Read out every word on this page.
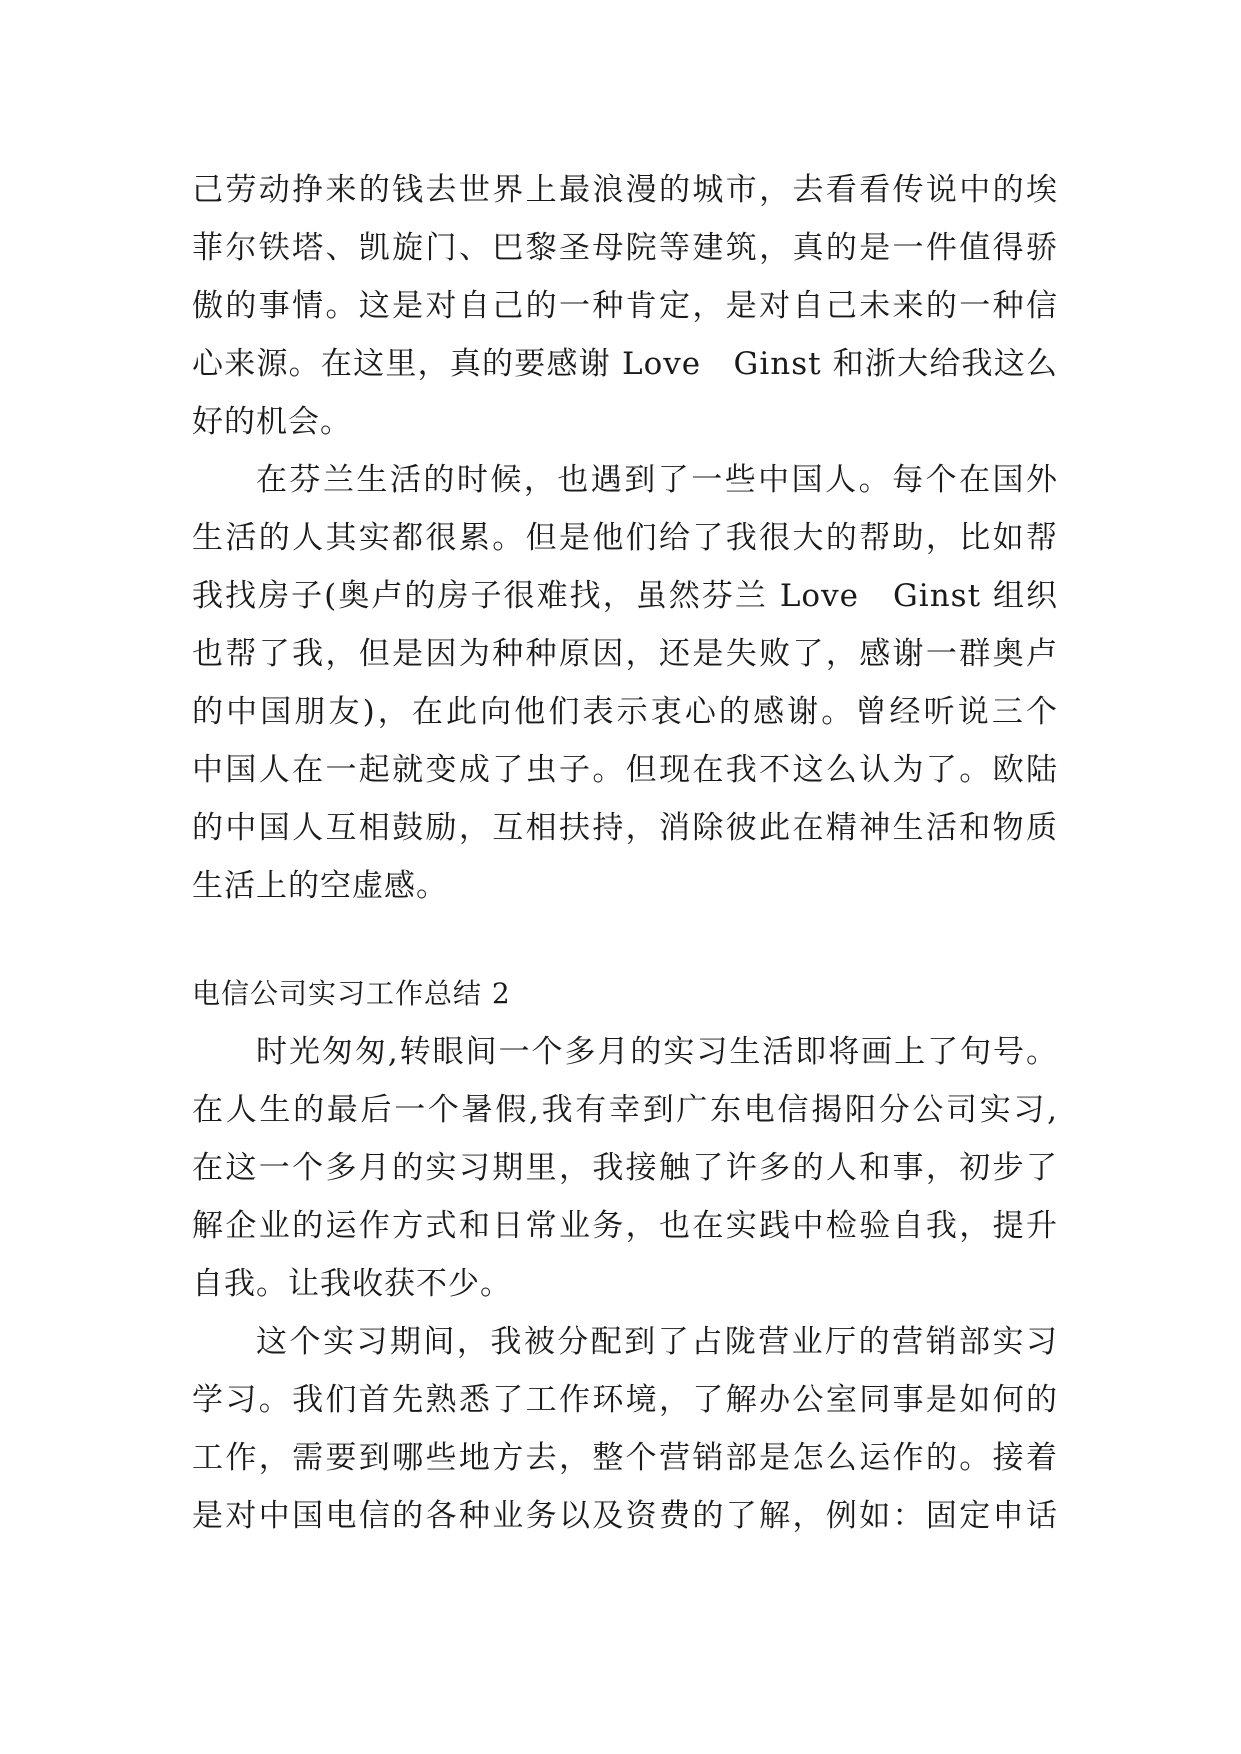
己劳动挣来的钱去世界上最浪漫的城市，去看看传说中的埃
菲尔铁塔、凯旋门、巴黎圣母院等建筑，真的是一件值得骄
傲的事情。这是对自己的一种肯定，是对自己未来的一种信
心来源。在这里，真的要感谢 Love　Ginst 和浙大给我这么
好的机会。
在芬兰生活的时候，也遇到了一些中国人。每个在国外
生活的人其实都很累。但是他们给了我很大的帮助，比如帮
我找房子(奥卢的房子很难找，虽然芬兰 Love　Ginst 组织
也帮了我，但是因为种种原因，还是失败了，感谢一群奥卢
的中国朋友)，在此向他们表示衷心的感谢。曾经听说三个
中国人在一起就变成了虫子。但现在我不这么认为了。欧陆
的中国人互相鼓励，互相扶持，消除彼此在精神生活和物质
生活上的空虚感。
电信公司实习工作总结 2
时光匆匆,转眼间一个多月的实习生活即将画上了句号。
在人生的最后一个暑假,我有幸到广东电信揭阳分公司实习,
在这一个多月的实习期里，我接触了许多的人和事，初步了
解企业的运作方式和日常业务，也在实践中检验自我，提升
自我。让我收获不少。
这个实习期间，我被分配到了占陇营业厅的营销部实习
学习。我们首先熟悉了工作环境，了解办公室同事是如何的
工作，需要到哪些地方去，整个营销部是怎么运作的。接着
是对中国电信的各种业务以及资费的了解，例如：固定申话
